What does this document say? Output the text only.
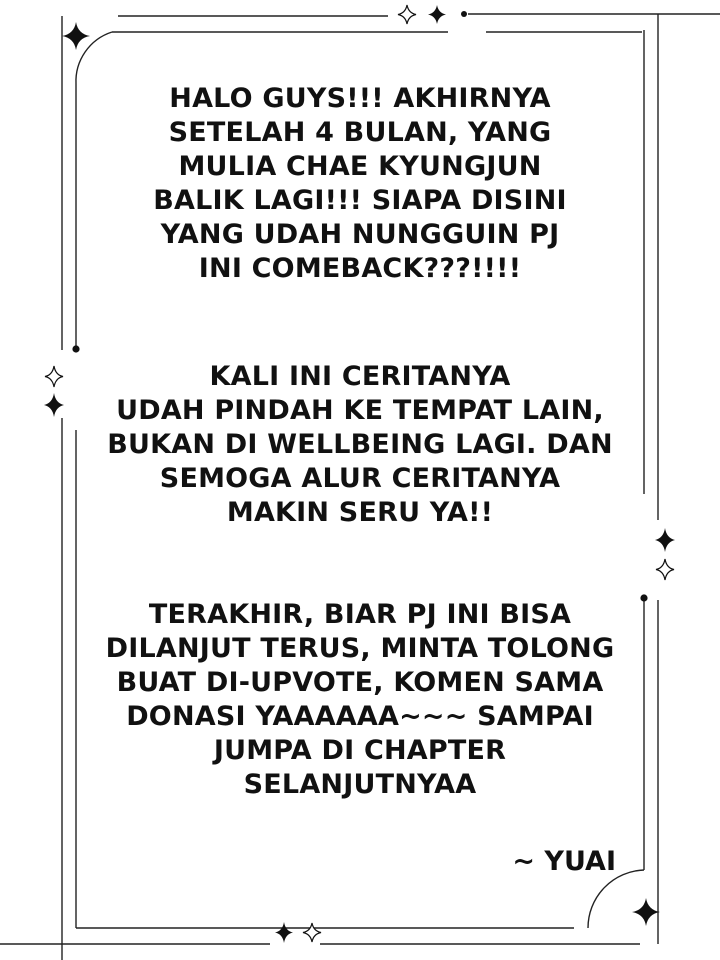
HALO GUYS!!! AKHIRNYA
SETELAH 4 BULAN, YANG
MULIA CHAE KYUNGJUN
BALIK LAGI!!! SIAPA DISINI
YANG UDAH NUNGGUIN PJ
INI COMEBACK???!!!!

KALI INI CERITANYA
UDAH PINDAH KE TEMPAT LAIN,
BUKAN DI WELLBEING LAGI. DAN
SEMOGA ALUR CERITANYA
MAKIN SERU YA!!

TERAKHIR, BIAR PJ INI BISA
DILANJUT TERUS, MINTA TOLONG
BUAT DI-UPVOTE, KOMEN SAMA
DONASI YAAAAAA~~~ SAMPAI
JUMPA DI CHAPTER
SELANJUTNYAA

~ YUAI
